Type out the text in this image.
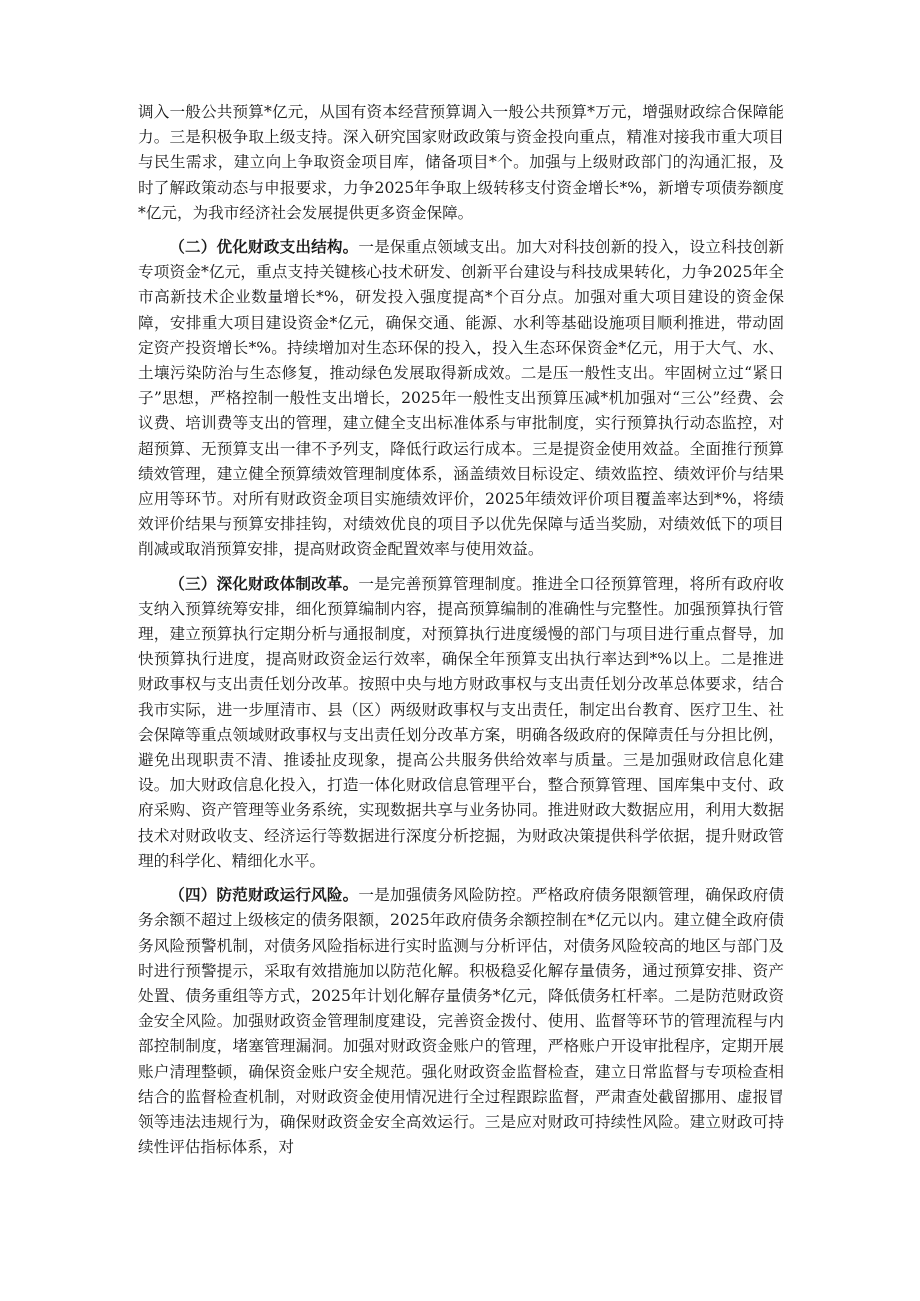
调入一般公共预算*亿元，从国有资本经营预算调入一般公共预算*万元，增强财政综合保障能力。三是积极争取上级支持。深入研究国家财政政策与资金投向重点，精准对接我市重大项目与民生需求，建立向上争取资金项目库，储备项目*个。加强与上级财政部门的沟通汇报，及时了解政策动态与申报要求，力争2025年争取上级转移支付资金增长*%，新增专项债券额度*亿元，为我市经济社会发展提供更多资金保障。

（二）优化财政支出结构。一是保重点领域支出。加大对科技创新的投入，设立科技创新专项资金*亿元，重点支持关键核心技术研发、创新平台建设与科技成果转化，力争2025年全市高新技术企业数量增长*%，研发投入强度提高*个百分点。加强对重大项目建设的资金保障，安排重大项目建设资金*亿元，确保交通、能源、水利等基础设施项目顺利推进，带动固定资产投资增长*%。持续增加对生态环保的投入，投入生态环保资金*亿元，用于大气、水、土壤污染防治与生态修复，推动绿色发展取得新成效。二是压一般性支出。牢固树立过“紧日子”思想，严格控制一般性支出增长，2025年一般性支出预算压减*机加强对“三公”经费、会议费、培训费等支出的管理，建立健全支出标准体系与审批制度，实行预算执行动态监控，对超预算、无预算支出一律不予列支，降低行政运行成本。三是提资金使用效益。全面推行预算绩效管理，建立健全预算绩效管理制度体系，涵盖绩效目标设定、绩效监控、绩效评价与结果应用等环节。对所有财政资金项目实施绩效评价，2025年绩效评价项目覆盖率达到*%，将绩效评价结果与预算安排挂钩，对绩效优良的项目予以优先保障与适当奖励，对绩效低下的项目削减或取消预算安排，提高财政资金配置效率与使用效益。

（三）深化财政体制改革。一是完善预算管理制度。推进全口径预算管理，将所有政府收支纳入预算统筹安排，细化预算编制内容，提高预算编制的准确性与完整性。加强预算执行管理，建立预算执行定期分析与通报制度，对预算执行进度缓慢的部门与项目进行重点督导，加快预算执行进度，提高财政资金运行效率，确保全年预算支出执行率达到*%以上。二是推进财政事权与支出责任划分改革。按照中央与地方财政事权与支出责任划分改革总体要求，结合我市实际，进一步厘清市、县（区）两级财政事权与支出责任，制定出台教育、医疗卫生、社会保障等重点领域财政事权与支出责任划分改革方案，明确各级政府的保障责任与分担比例，避免出现职责不清、推诿扯皮现象，提高公共服务供给效率与质量。三是加强财政信息化建设。加大财政信息化投入，打造一体化财政信息管理平台，整合预算管理、国库集中支付、政府采购、资产管理等业务系统，实现数据共享与业务协同。推进财政大数据应用，利用大数据技术对财政收支、经济运行等数据进行深度分析挖掘，为财政决策提供科学依据，提升财政管理的科学化、精细化水平。

（四）防范财政运行风险。一是加强债务风险防控。严格政府债务限额管理，确保政府债务余额不超过上级核定的债务限额，2025年政府债务余额控制在*亿元以内。建立健全政府债务风险预警机制，对债务风险指标进行实时监测与分析评估，对债务风险较高的地区与部门及时进行预警提示，采取有效措施加以防范化解。积极稳妥化解存量债务，通过预算安排、资产处置、债务重组等方式，2025年计划化解存量债务*亿元，降低债务杠杆率。二是防范财政资金安全风险。加强财政资金管理制度建设，完善资金拨付、使用、监督等环节的管理流程与内部控制制度，堵塞管理漏洞。加强对财政资金账户的管理，严格账户开设审批程序，定期开展账户清理整顿，确保资金账户安全规范。强化财政资金监督检查，建立日常监督与专项检查相结合的监督检查机制，对财政资金使用情况进行全过程跟踪监督，严肃查处截留挪用、虚报冒领等违法违规行为，确保财政资金安全高效运行。三是应对财政可持续性风险。建立财政可持续性评估指标体系，对
